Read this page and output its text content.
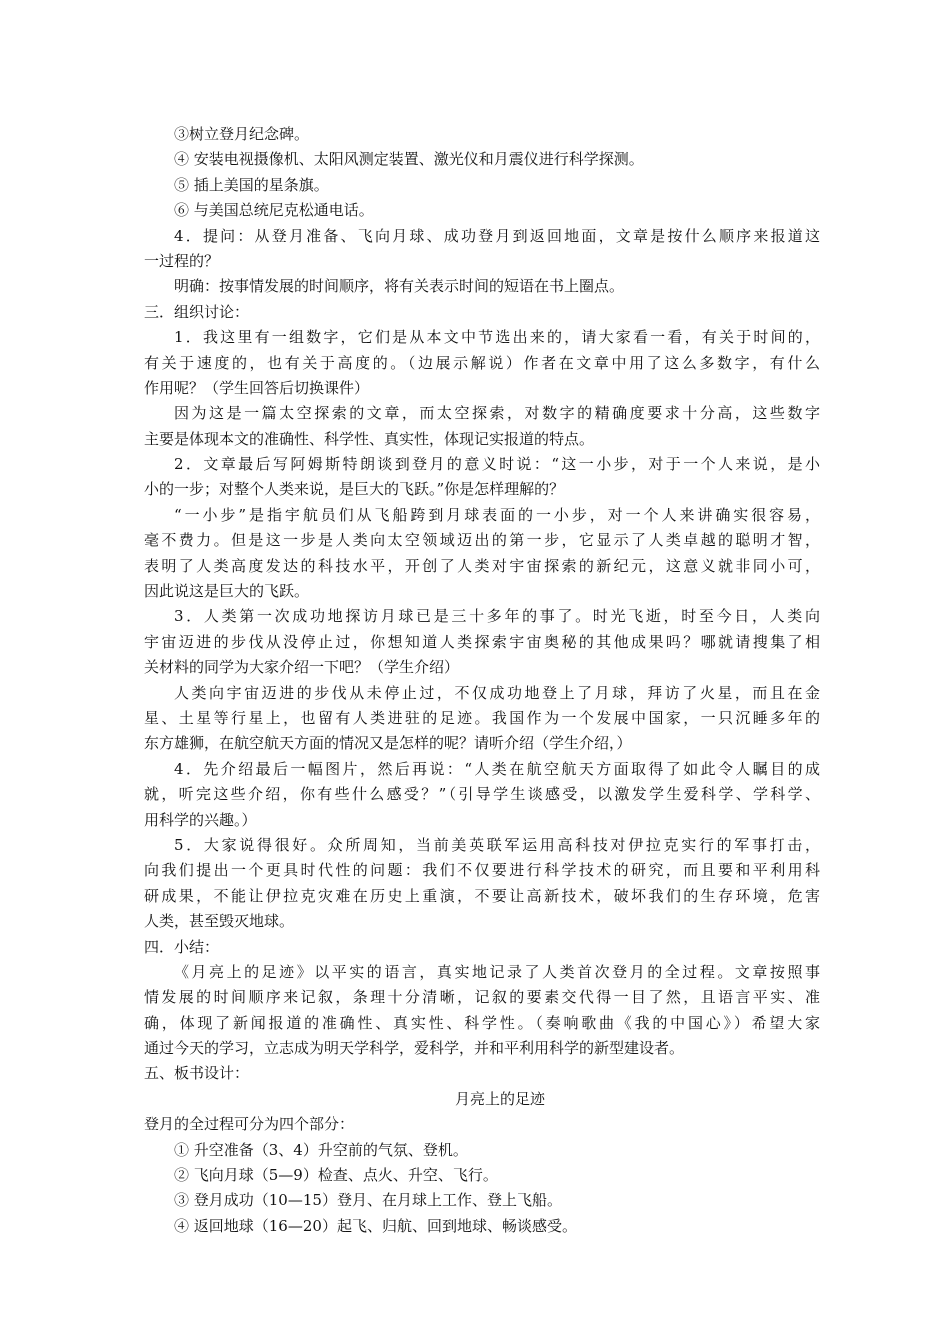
③树立登月纪念碑。
④ 安装电视摄像机、太阳风测定装置、激光仪和月震仪进行科学探测。
⑤ 插上美国的星条旗。
⑥ 与美国总统尼克松通电话。
4．提问：从登月准备、飞向月球、成功登月到返回地面，文章是按什么顺序来报道这
一过程的？
明确：按事情发展的时间顺序，将有关表示时间的短语在书上圈点。
三．组织讨论：
1．我这里有一组数字，它们是从本文中节选出来的，请大家看一看，有关于时间的，
有关于速度的，也有关于高度的。（边展示解说）作者在文章中用了这么多数字，有什么
作用呢？（学生回答后切换课件）
因为这是一篇太空探索的文章，而太空探索，对数字的精确度要求十分高，这些数字
主要是体现本文的准确性、科学性、真实性，体现记实报道的特点。
2．文章最后写阿姆斯特朗谈到登月的意义时说：“这一小步，对于一个人来说，是小
小的一步；对整个人类来说，是巨大的飞跃。”你是怎样理解的？
“一小步”是指宇航员们从飞船跨到月球表面的一小步，对一个人来讲确实很容易，
毫不费力。但是这一步是人类向太空领域迈出的第一步，它显示了人类卓越的聪明才智，
表明了人类高度发达的科技水平，开创了人类对宇宙探索的新纪元，这意义就非同小可，
因此说这是巨大的飞跃。
3．人类第一次成功地探访月球已是三十多年的事了。时光飞逝，时至今日，人类向
宇宙迈进的步伐从没停止过，你想知道人类探索宇宙奥秘的其他成果吗？哪就请搜集了相
关材料的同学为大家介绍一下吧？（学生介绍）
人类向宇宙迈进的步伐从未停止过，不仅成功地登上了月球，拜访了火星，而且在金
星、土星等行星上，也留有人类进驻的足迹。我国作为一个发展中国家，一只沉睡多年的
东方雄狮，在航空航天方面的情况又是怎样的呢？请听介绍（学生介绍，）
4．先介绍最后一幅图片，然后再说：“人类在航空航天方面取得了如此令人瞩目的成
就，听完这些介绍，你有些什么感受？”（引导学生谈感受，以激发学生爱科学、学科学、
用科学的兴趣。）
5．大家说得很好。众所周知，当前美英联军运用高科技对伊拉克实行的军事打击，
向我们提出一个更具时代性的问题：我们不仅要进行科学技术的研究，而且要和平利用科
研成果，不能让伊拉克灾难在历史上重演，不要让高新技术，破坏我们的生存环境，危害
人类，甚至毁灭地球。
四．小结：
《月亮上的足迹》以平实的语言，真实地记录了人类首次登月的全过程。文章按照事
情发展的时间顺序来记叙，条理十分清晰，记叙的要素交代得一目了然，且语言平实、准
确，体现了新闻报道的准确性、真实性、科学性。（奏响歌曲《我的中国心》）希望大家
通过今天的学习，立志成为明天学科学，爱科学，并和平利用科学的新型建设者。
五、板书设计：
月亮上的足迹
登月的全过程可分为四个部分：
① 升空准备（3、4）升空前的气氛、登机。
② 飞向月球（5—9）检查、点火、升空、飞行。
③ 登月成功（10—15）登月、在月球上工作、登上飞船。
④ 返回地球（16—20）起飞、归航、回到地球、畅谈感受。
